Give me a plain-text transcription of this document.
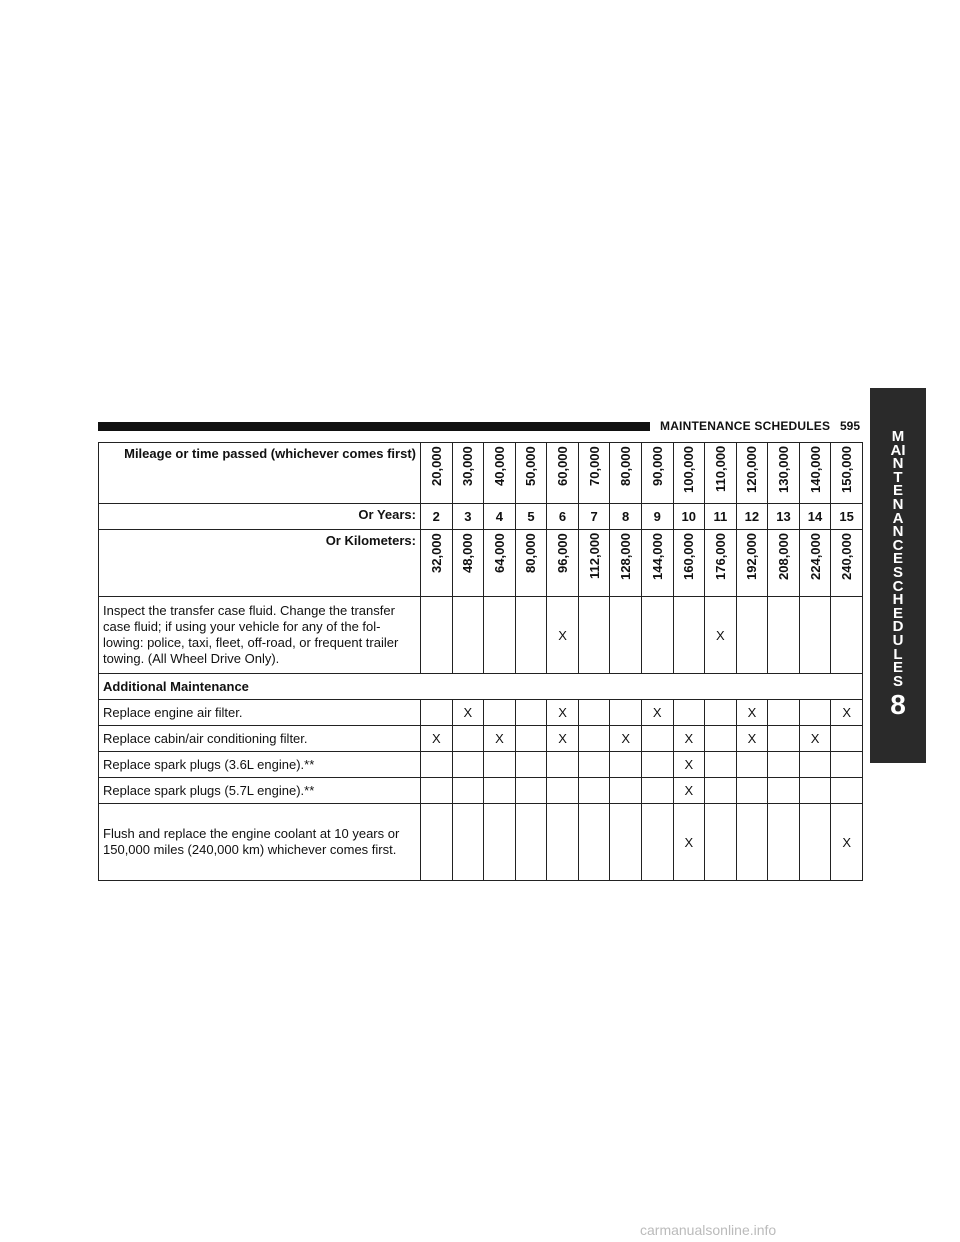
MAINTENANCE SCHEDULES 595
MAINTENANCE SCHEDULES
8
Mileage or time passed (whichever comes first)	20,000	30,000	40,000	50,000	60,000	70,000	80,000	90,000	100,000	110,000	120,000	130,000	140,000	150,000

Or Years:	2	3	4	5	6	7	8	9	10	11	12	13	14	15
Or Kilometers:	32,000	48,000	64,000	80,000	96,000	112,000	128,000	144,000	160,000	176,000	192,000	208,000	224,000	240,000

Inspect the transfer case fluid. Change the transfer case fluid; if using your vehicle for any of the fol-lowing: police, taxi, fleet, off-road, or frequent trailer towing. (All Wheel Drive Only).					X					X				
Additional Maintenance														
Replace engine air filter.		X			X			X			X			X
Replace cabin/air conditioning filter.	X		X		X		X		X		X		X	
Replace spark plugs (3.6L engine).**									X					
Replace spark plugs (5.7L engine).**									X					
Flush and replace the engine coolant at 10 years or 150,000 miles (240,000 km) whichever comes first.									X					X
carmanualsonline.info
